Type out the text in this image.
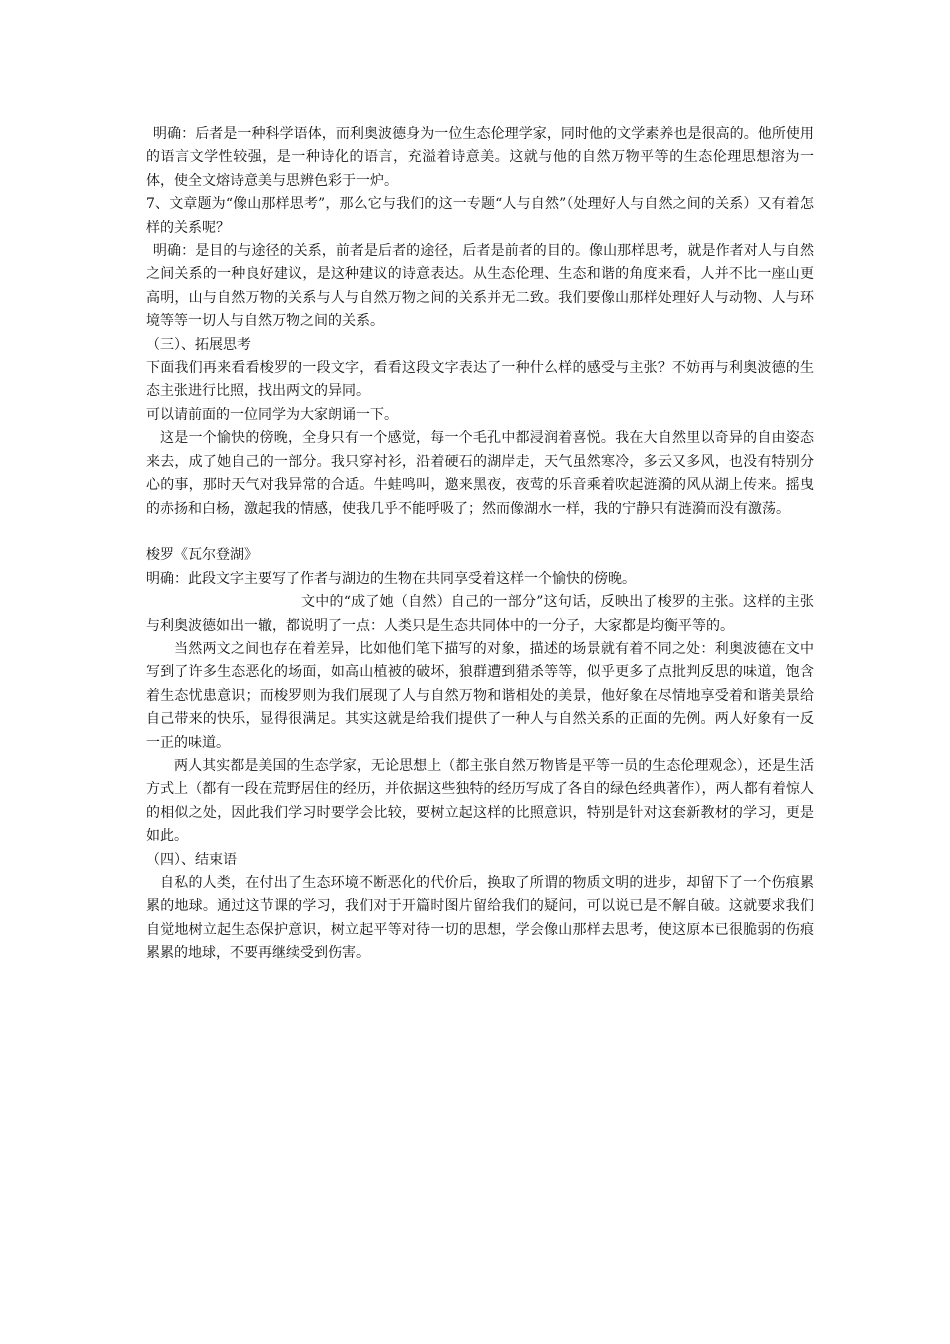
明确：后者是一种科学语体，而利奥波德身为一位生态伦理学家，同时他的文学素养也是很高的。他所使用的语言文学性较强，是一种诗化的语言，充溢着诗意美。这就与他的自然万物平等的生态伦理思想溶为一体，使全文熔诗意美与思辨色彩于一炉。

7、文章题为“像山那样思考”，那么它与我们的这一专题“人与自然”（处理好人与自然之间的关系）又有着怎样的关系呢？

明确：是目的与途径的关系，前者是后者的途径，后者是前者的目的。像山那样思考，就是作者对人与自然之间关系的一种良好建议，是这种建议的诗意表达。从生态伦理、生态和谐的角度来看，人并不比一座山更高明，山与自然万物的关系与人与自然万物之间的关系并无二致。我们要像山那样处理好人与动物、人与环境等等一切人与自然万物之间的关系。

（三）、拓展思考

下面我们再来看看梭罗的一段文字，看看这段文字表达了一种什么样的感受与主张？不妨再与利奥波德的生态主张进行比照，找出两文的异同。

可以请前面的一位同学为大家朗诵一下。

这是一个愉快的傍晚，全身只有一个感觉，每一个毛孔中都浸润着喜悦。我在大自然里以奇异的自由姿态来去，成了她自己的一部分。我只穿衬衫，沿着硬石的湖岸走，天气虽然寒冷，多云又多风，也没有特别分心的事，那时天气对我异常的合适。牛蛙鸣叫，邀来黑夜，夜莺的乐音乘着吹起涟漪的风从湖上传来。摇曳的赤扬和白杨，激起我的情感，使我几乎不能呼吸了；然而像湖水一样，我的宁静只有涟漪而没有激荡。

梭罗《瓦尔登湖》

明确：此段文字主要写了作者与湖边的生物在共同享受着这样一个愉快的傍晚。

文中的“成了她（自然）自己的一部分”这句话，反映出了梭罗的主张。这样的主张与利奥波德如出一辙，都说明了一点：人类只是生态共同体中的一分子，大家都是均衡平等的。

当然两文之间也存在着差异，比如他们笔下描写的对象，描述的场景就有着不同之处：利奥波德在文中写到了许多生态恶化的场面，如高山植被的破坏，狼群遭到猎杀等等，似乎更多了点批判反思的味道，饱含着生态忧患意识；而梭罗则为我们展现了人与自然万物和谐相处的美景，他好象在尽情地享受着和谐美景给自己带来的快乐，显得很满足。其实这就是给我们提供了一种人与自然关系的正面的先例。两人好象有一反一正的味道。

两人其实都是美国的生态学家，无论思想上（都主张自然万物皆是平等一员的生态伦理观念），还是生活方式上（都有一段在荒野居住的经历，并依据这些独特的经历写成了各自的绿色经典著作），两人都有着惊人的相似之处，因此我们学习时要学会比较，要树立起这样的比照意识，特别是针对这套新教材的学习，更是如此。

（四）、结束语

自私的人类，在付出了生态环境不断恶化的代价后，换取了所谓的物质文明的进步，却留下了一个伤痕累累的地球。通过这节课的学习，我们对于开篇时图片留给我们的疑问，可以说已是不解自破。这就要求我们自觉地树立起生态保护意识，树立起平等对待一切的思想，学会像山那样去思考，使这原本已很脆弱的伤痕累累的地球，不要再继续受到伤害。
